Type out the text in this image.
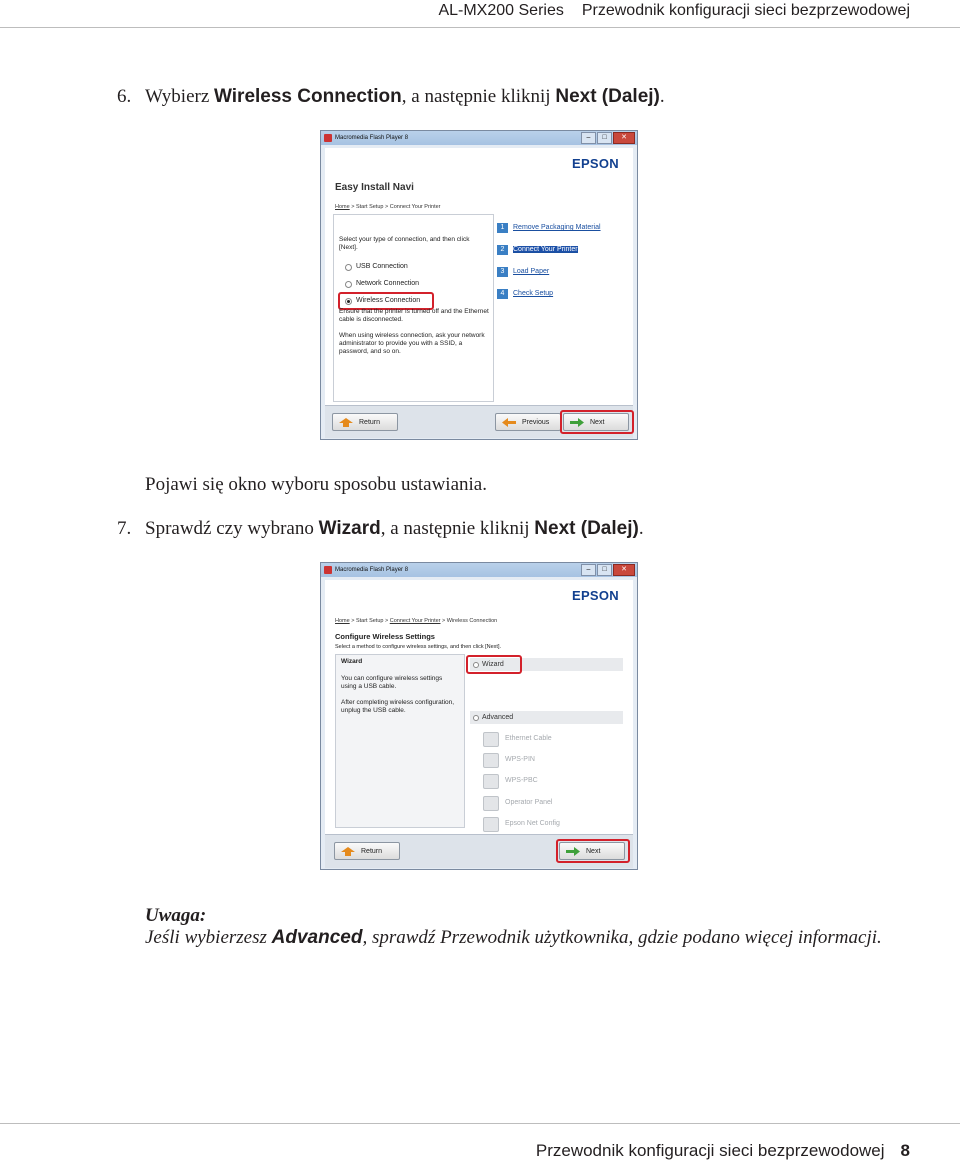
AL-MX200 Series Przewodnik konfiguracji sieci bezprzewodowej
6. Wybierz Wireless Connection, a następnie kliknij Next (Dalej).
Macromedia Flash Player 8	–	□	✕
EPSON
Easy Install Navi
Home > Start Setup > Connect Your Printer
Select your type of connection, and then click [Next].
USB Connection
Network Connection
Wireless Connection
Ensure that the printer is turned off and the Ethernet cable is disconnected.
When using wireless connection, ask your network administrator to provide you with a SSID, a password, and so on.
1	Remove Packaging Material
2	Connect Your Printer
3	Load Paper
4	Check Setup
Return	Previous	Next
Pojawi się okno wyboru sposobu ustawiania.
7. Sprawdź czy wybrano Wizard, a następnie kliknij Next (Dalej).
Macromedia Flash Player 8	–	□	✕
EPSON
Home > Start Setup > Connect Your Printer > Wireless Connection
Configure Wireless Settings
Select a method to configure wireless settings, and then click [Next].
Wizard
You can configure wireless settings using a USB cable.
After completing wireless configuration, unplug the USB cable.
Wizard
Advanced
Ethernet Cable
WPS-PIN
WPS-PBC
Operator Panel
Epson Net Config
Return	Next
Uwaga:
Jeśli wybierzesz Advanced, sprawdź Przewodnik użytkownika, gdzie podano więcej informacji.
Przewodnik konfiguracji sieci bezprzewodowej 8
